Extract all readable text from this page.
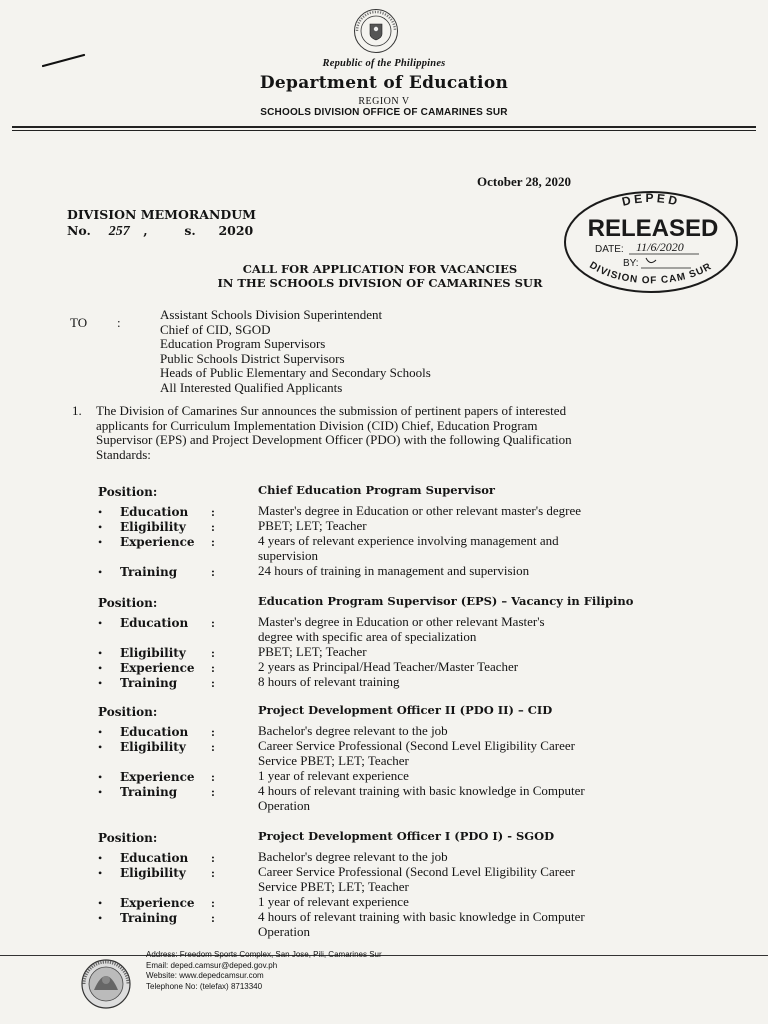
Republic of the Philippines
Department of Education
REGION V
SCHOOLS DIVISION OFFICE OF CAMARINES SUR
October 28, 2020
DIVISION MEMORANDUM
No. 257 ,	s. 2020
DEPED
RELEASED
DATE: 11/6/2020
BY:
DIVISION OF CAM SUR
CALL FOR APPLICATION FOR VACANCIES
IN THE SCHOOLS DIVISION OF CAMARINES SUR
TO :
Assistant Schools Division Superintendent
Chief of CID, SGOD
Education Program Supervisors
Public Schools District Supervisors
Heads of Public Elementary and Secondary Schools
All Interested Qualified Applicants
1. The Division of Camarines Sur announces the submission of pertinent papers of interested
applicants for Curriculum Implementation Division (CID) Chief, Education Program
Supervisor (EPS) and Project Development Officer (PDO) with the following Qualification
Standards:
Position:	Chief Education Program Supervisor
• Education :	Master's degree in Education or other relevant master's degree
• Eligibility :	PBET; LET; Teacher
• Experience :	4 years of relevant experience involving management and
supervision
• Training	:	24 hours of training in management and supervision
Position:	Education Program Supervisor (EPS) – Vacancy in Filipino
• Education :	Master's degree in Education or other relevant Master's
degree with specific area of specialization
• Eligibility :	PBET; LET; Teacher
• Experience :	2 years as Principal/Head Teacher/Master Teacher
• Training	:	8 hours of relevant training
Position:	Project Development Officer II (PDO II) – CID
• Education :	Bachelor's degree relevant to the job
• Eligibility :	Career Service Professional (Second Level Eligibility Career
Service PBET; LET; Teacher
• Experience :	1 year of relevant experience
• Training	:	4 hours of relevant training with basic knowledge in Computer
Operation
Position:	Project Development Officer I (PDO I) - SGOD
• Education :	Bachelor's degree relevant to the job
• Eligibility :	Career Service Professional (Second Level Eligibility Career
Service PBET; LET; Teacher
• Experience :	1 year of relevant experience
• Training	:	4 hours of relevant training with basic knowledge in Computer
Operation
Address: Freedom Sports Complex, San Jose, Pili, Camarines Sur
Email: deped.camsur@deped.gov.ph
Website: www.depedcamsur.com
Telephone No: (telefax) 8713340
